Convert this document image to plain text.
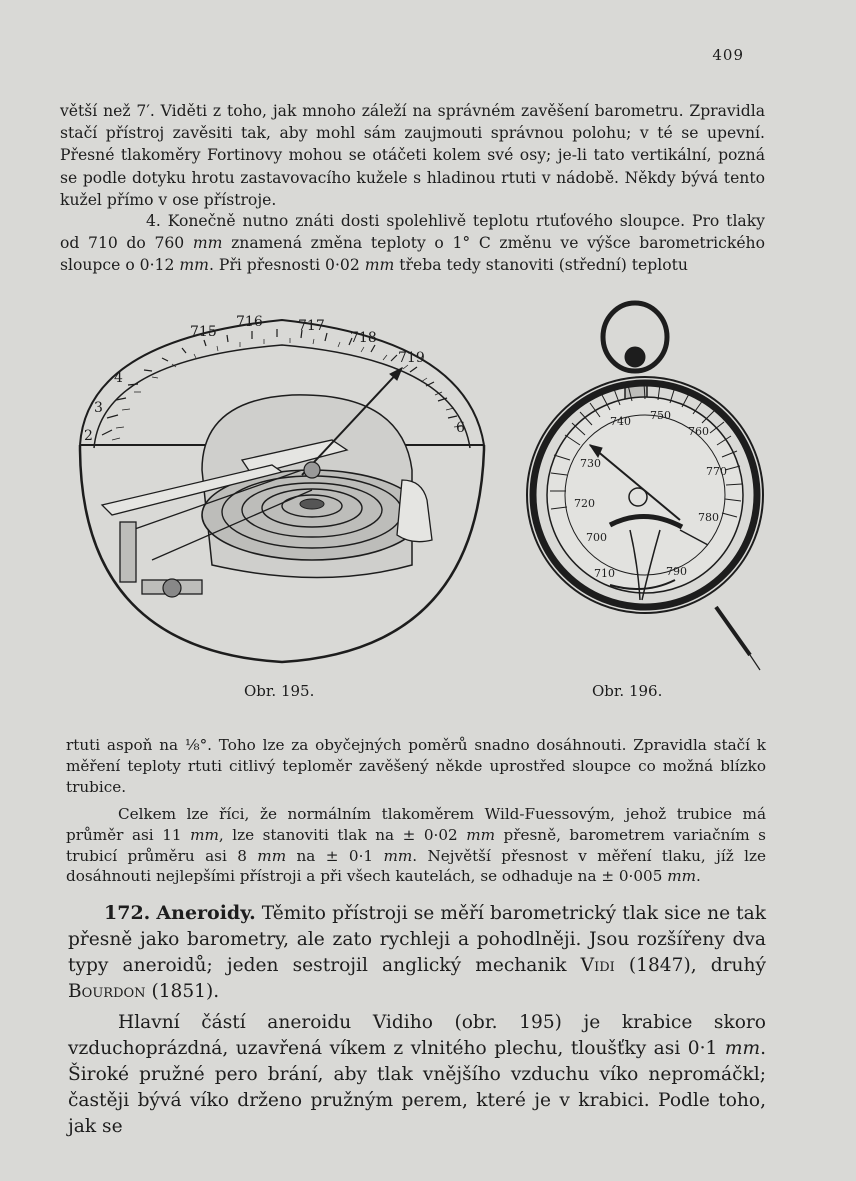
409

větší než 7′. Viděti z toho, jak mnoho záleží na správném zavěšení barometru. Zpravidla stačí přístroj zavěsiti tak, aby mohl sám zaujmouti správnou polohu; v té se upevní. Přesné tlakoměry Fortinovy mohou se otáčeti kolem své osy; je-li tato vertikální, pozná se podle dotyku hrotu zastavovacího kužele s hladinou rtuti v nádobě. Někdy bývá tento kužel přímo v ose přístroje.

4. Konečně nutno znáti dosti spolehlivě teplotu rtuťového sloupce. Pro tlaky od 710 do 760 mm znamená změna teploty o 1° C změnu ve výšce barometrického sloupce o 0·12 mm. Při přesnosti 0·02 mm třeba tedy stanoviti (střední) teplotu

2
3
4
715
716	717
718
719
6	740 750
760
770
730
720
710
780
790
700
Obr. 195.	Obr. 196.

rtuti aspoň na ⅛°. Toho lze za obyčejných poměrů snadno dosáhnouti. Zpravidla stačí k měření teploty rtuti citlivý teploměr zavěšený někde uprostřed sloupce co možná blízko trubice.

Celkem lze říci, že normálním tlakoměrem Wild-Fuessovým, jehož trubice má průměr asi 11 mm, lze stanoviti tlak na ± 0·02 mm přesně, barometrem variačním s trubicí průměru asi 8 mm na ± 0·1 mm. Největší přesnost v měření tlaku, jíž lze dosáhnouti nejlepšími přístroji a při všech kautelách, se odhaduje na ± 0·005 mm.

172. Aneroidy. Těmito přístroji se měří barometrický tlak sice ne tak přesně jako barometry, ale zato rychleji a pohodlněji. Jsou rozšířeny dva typy aneroidů; jeden sestrojil anglický mechanik Vidi (1847), druhý Bourdon (1851).

Hlavní částí aneroidu Vidiho (obr. 195) je krabice skoro vzduchoprázdná, uzavřená víkem z vlnitého plechu, tloušťky asi 0·1 mm. Široké pružné pero brání, aby tlak vnějšího vzduchu víko nepromáčkl; častěji bývá víko drženo pružným perem, které je v krabici. Podle toho, jak se
